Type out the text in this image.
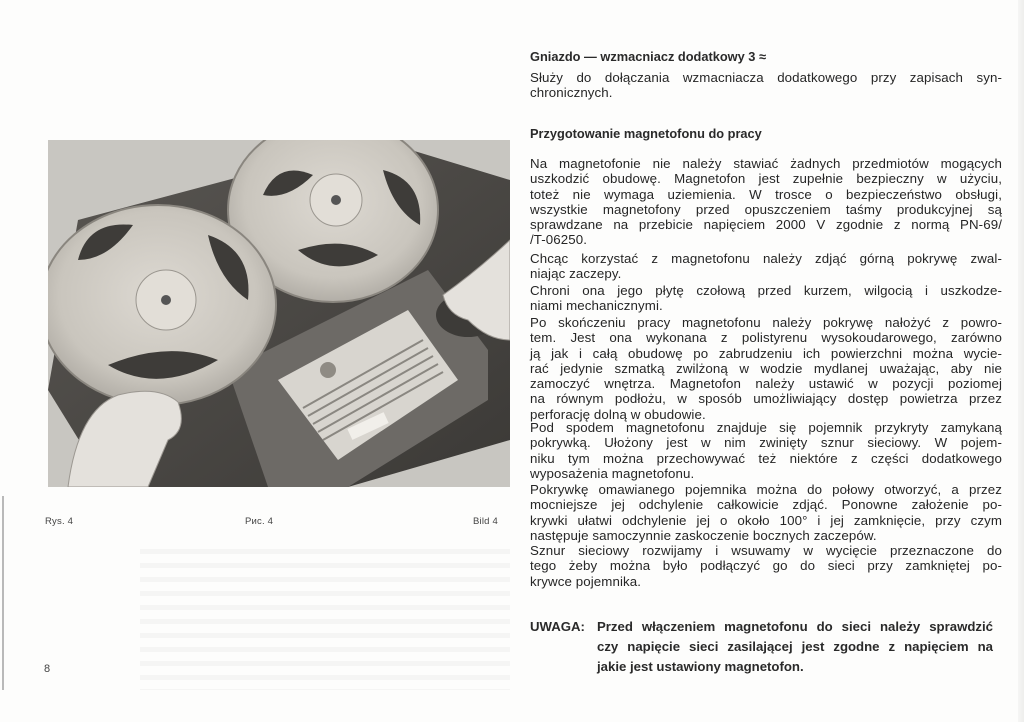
Rys. 4	Рис. 4	Bild 4
8
Gniazdo — wzmacniacz dodatkowy 3 ≈
Służy do dołączania wzmacniacza dodatkowego przy zapisach syn-
chronicznych.
Przygotowanie magnetofonu do pracy
Na magnetofonie nie należy stawiać żadnych przedmiotów mogących
uszkodzić obudowę. Magnetofon jest zupełnie bezpieczny w użyciu,
toteż nie wymaga uziemienia. W trosce o bezpieczeństwo obsługi,
wszystkie magnetofony przed opuszczeniem taśmy produkcyjnej są
sprawdzane na przebicie napięciem 2000 V zgodnie z normą PN-69/
/T-06250.
Chcąc korzystać z magnetofonu należy zdjąć górną pokrywę zwal-
niając zaczepy.
Chroni ona jego płytę czołową przed kurzem, wilgocią i uszkodze-
niami mechanicznymi.
Po skończeniu pracy magnetofonu należy pokrywę nałożyć z powro-
tem. Jest ona wykonana z polistyrenu wysokoudarowego, zarówno
ją jak i całą obudowę po zabrudzeniu ich powierzchni można wycie-
rać jedynie szmatką zwilżoną w wodzie mydlanej uważając, aby nie
zamoczyć wnętrza. Magnetofon należy ustawić w pozycji poziomej
na równym podłożu, w sposób umożliwiający dostęp powietrza przez
perforację dolną w obudowie.
Pod spodem magnetofonu znajduje się pojemnik przykryty zamykaną
pokrywką. Ułożony jest w nim zwinięty sznur sieciowy. W pojem-
niku tym można przechowywać też niektóre z części dodatkowego
wyposażenia magnetofonu.
Pokrywkę omawianego pojemnika można do połowy otworzyć, a przez
mocniejsze jej odchylenie całkowicie zdjąć. Ponowne założenie po-
krywki ułatwi odchylenie jej o około 100° i jej zamknięcie, przy czym
następuje samoczynnie zaskoczenie bocznych zaczepów.
Sznur sieciowy rozwijamy i wsuwamy w wycięcie przeznaczone do
tego żeby można było podłączyć go do sieci przy zamkniętej po-
krywce pojemnika.
UWAGA: Przed włączeniem magnetofonu do sieci należy sprawdzić
czy napięcie sieci zasilającej jest zgodne z napięciem na
jakie jest ustawiony magnetofon.
